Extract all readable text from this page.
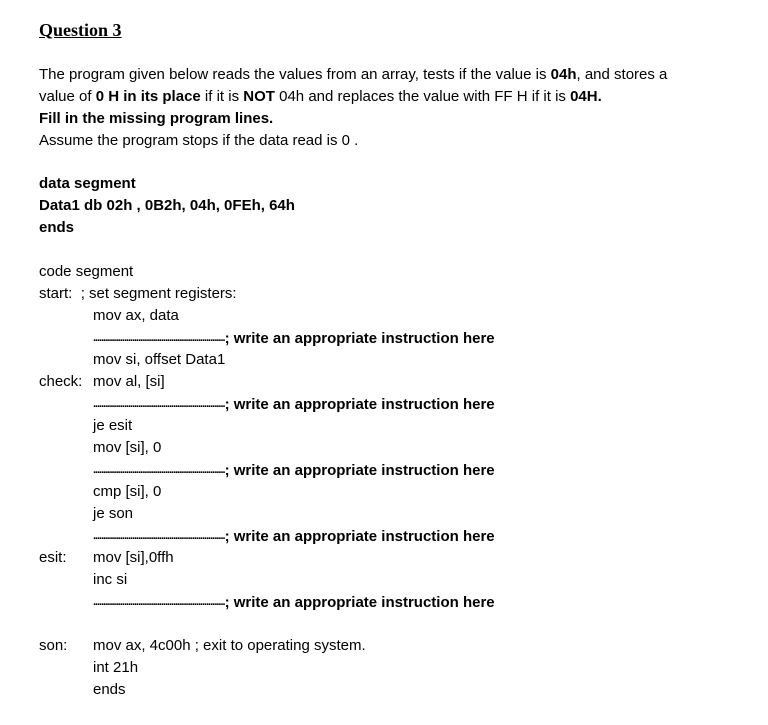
Question 3

The program given below reads the values from an array, tests if the value is 04h, and stores a

value of 0 H in its place if it is NOT 04h and replaces the value with FF H if it is 04H.

Fill in the missing program lines.

Assume the program stops if the data read is 0 .

data segment
Data1 db 02h , 0B2h, 04h, 0FEh, 64h
ends
code segment
start: ; set segment registers:
mov ax, data
................................................................; write an appropriate instruction here
mov si, offset Data1
check: mov al, [si]
................................................................; write an appropriate instruction here
je esit
mov [si], 0
................................................................; write an appropriate instruction here
cmp [si], 0
je son
................................................................; write an appropriate instruction here
esit: mov [si],0ffh
inc si
................................................................; write an appropriate instruction here
son: mov ax, 4c00h ; exit to operating system.
int 21h
ends
